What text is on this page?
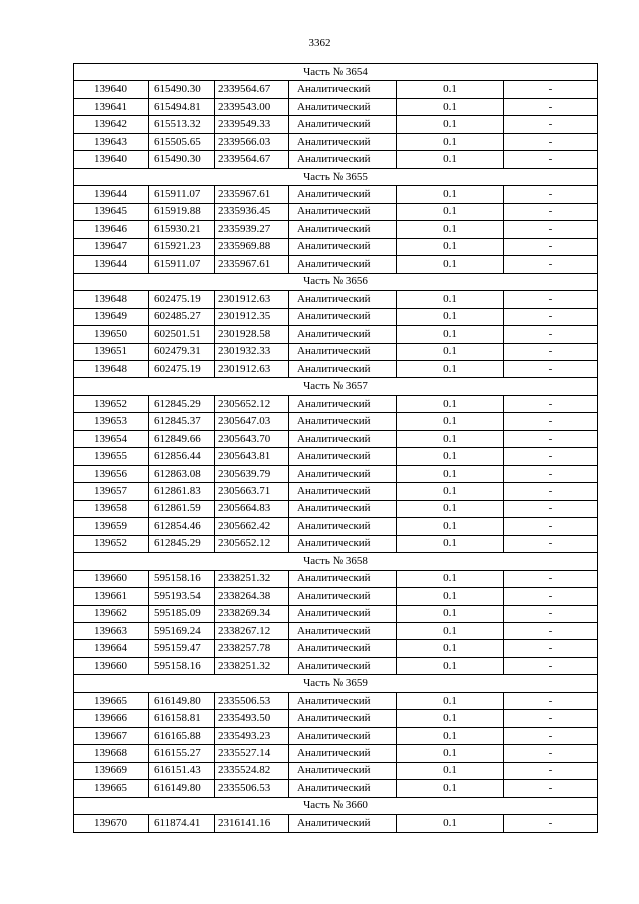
3362
Часть № 3654					
139640	615490.30	2339564.67	Аналитический	0.1	-
139641	615494.81	2339543.00	Аналитический	0.1	-
139642	615513.32	2339549.33	Аналитический	0.1	-
139643	615505.65	2339566.03	Аналитический	0.1	-
139640	615490.30	2339564.67	Аналитический	0.1	-
Часть № 3655					
139644	615911.07	2335967.61	Аналитический	0.1	-
139645	615919.88	2335936.45	Аналитический	0.1	-
139646	615930.21	2335939.27	Аналитический	0.1	-
139647	615921.23	2335969.88	Аналитический	0.1	-
139644	615911.07	2335967.61	Аналитический	0.1	-
Часть № 3656					
139648	602475.19	2301912.63	Аналитический	0.1	-
139649	602485.27	2301912.35	Аналитический	0.1	-
139650	602501.51	2301928.58	Аналитический	0.1	-
139651	602479.31	2301932.33	Аналитический	0.1	-
139648	602475.19	2301912.63	Аналитический	0.1	-
Часть № 3657					
139652	612845.29	2305652.12	Аналитический	0.1	-
139653	612845.37	2305647.03	Аналитический	0.1	-
139654	612849.66	2305643.70	Аналитический	0.1	-
139655	612856.44	2305643.81	Аналитический	0.1	-
139656	612863.08	2305639.79	Аналитический	0.1	-
139657	612861.83	2305663.71	Аналитический	0.1	-
139658	612861.59	2305664.83	Аналитический	0.1	-
139659	612854.46	2305662.42	Аналитический	0.1	-
139652	612845.29	2305652.12	Аналитический	0.1	-
Часть № 3658					
139660	595158.16	2338251.32	Аналитический	0.1	-
139661	595193.54	2338264.38	Аналитический	0.1	-
139662	595185.09	2338269.34	Аналитический	0.1	-
139663	595169.24	2338267.12	Аналитический	0.1	-
139664	595159.47	2338257.78	Аналитический	0.1	-
139660	595158.16	2338251.32	Аналитический	0.1	-
Часть № 3659					
139665	616149.80	2335506.53	Аналитический	0.1	-
139666	616158.81	2335493.50	Аналитический	0.1	-
139667	616165.88	2335493.23	Аналитический	0.1	-
139668	616155.27	2335527.14	Аналитический	0.1	-
139669	616151.43	2335524.82	Аналитический	0.1	-
139665	616149.80	2335506.53	Аналитический	0.1	-
Часть № 3660					
139670	611874.41	2316141.16	Аналитический	0.1	-
